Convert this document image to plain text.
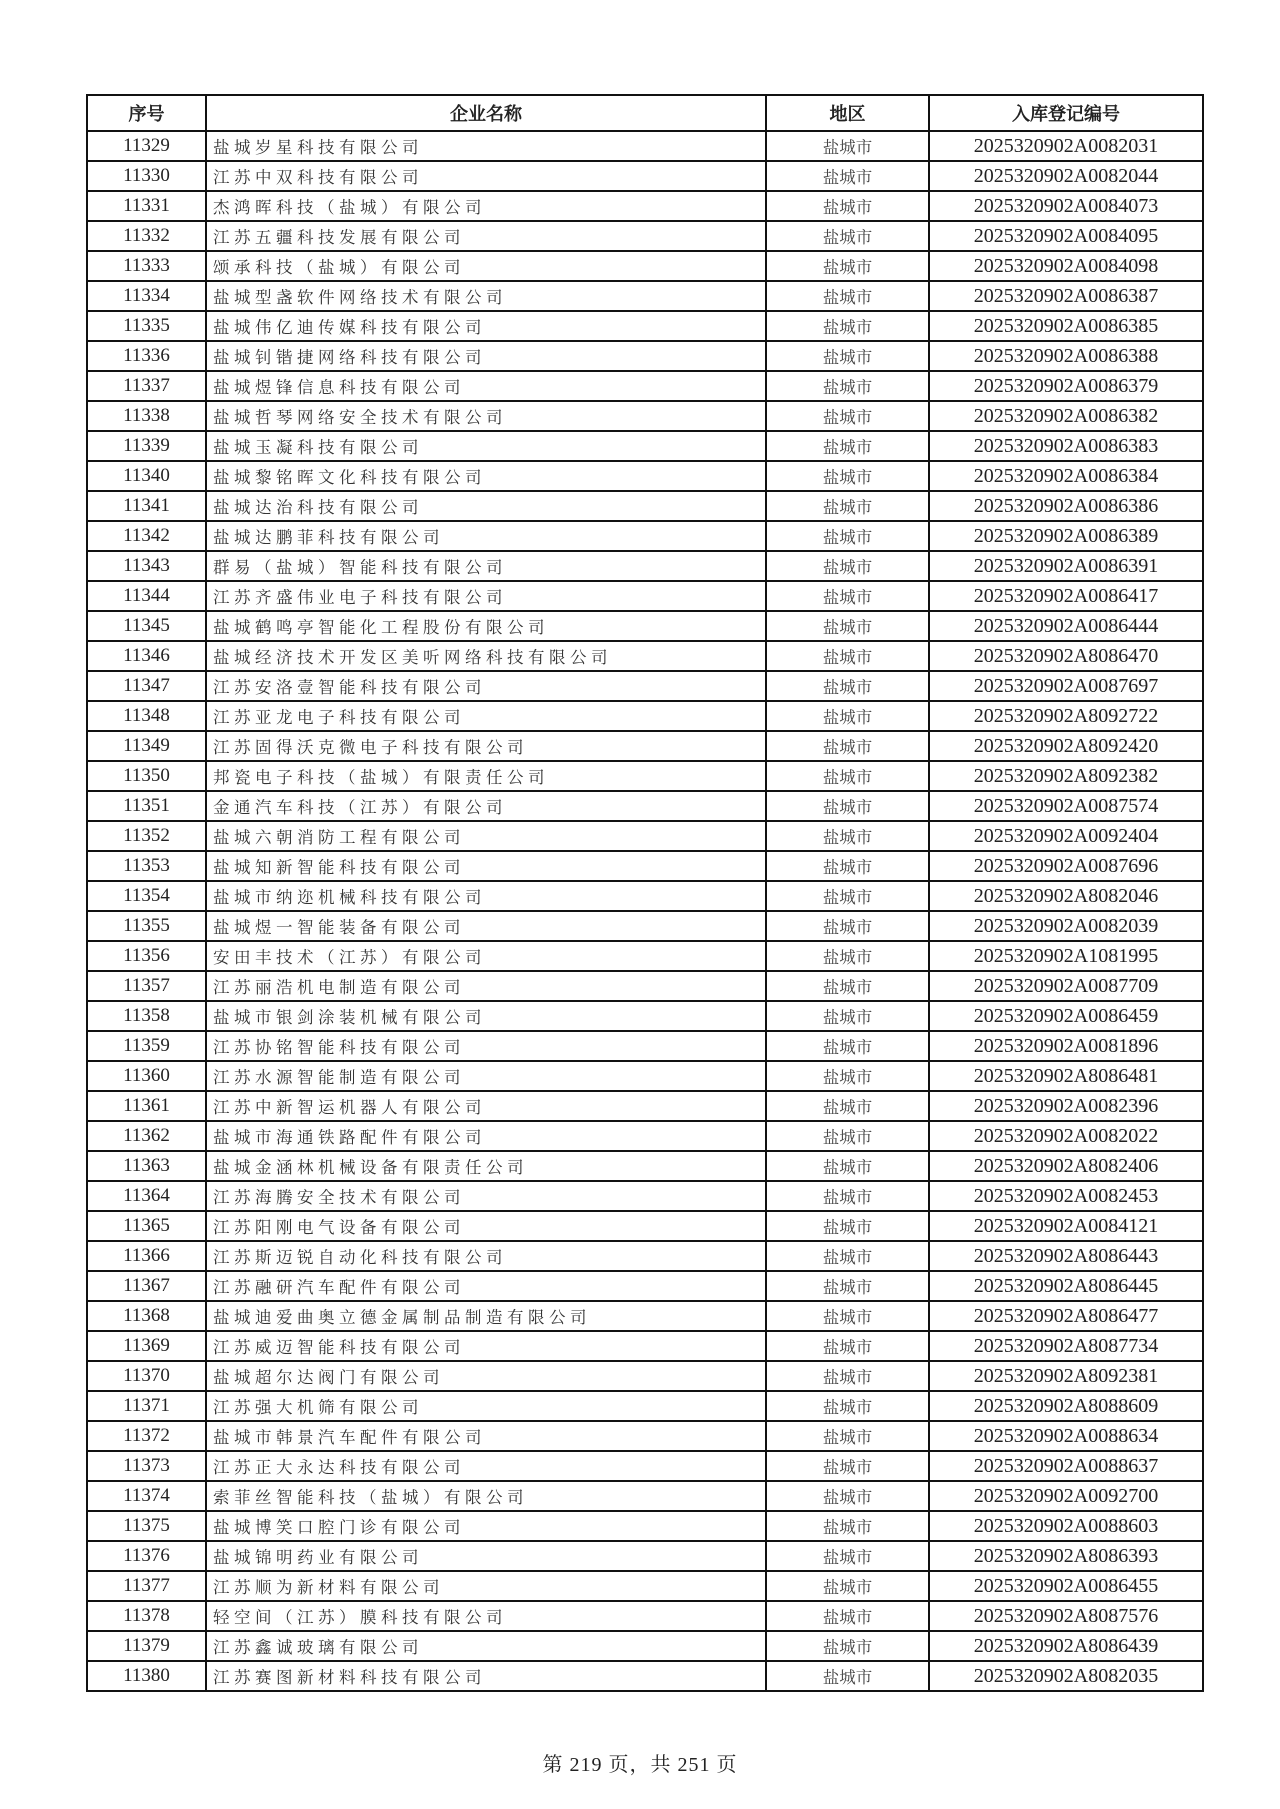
序号	企业名称	地区	入库登记编号
11329	盐城岁星科技有限公司	盐城市	2025320902A0082031
11330	江苏中双科技有限公司	盐城市	2025320902A0082044
11331	杰鸿晖科技（盐城）有限公司	盐城市	2025320902A0084073
11332	江苏五疆科技发展有限公司	盐城市	2025320902A0084095
11333	颂承科技（盐城）有限公司	盐城市	2025320902A0084098
11334	盐城型盏软件网络技术有限公司	盐城市	2025320902A0086387
11335	盐城伟亿迪传媒科技有限公司	盐城市	2025320902A0086385
11336	盐城钊锴捷网络科技有限公司	盐城市	2025320902A0086388
11337	盐城煜锋信息科技有限公司	盐城市	2025320902A0086379
11338	盐城哲琴网络安全技术有限公司	盐城市	2025320902A0086382
11339	盐城玉凝科技有限公司	盐城市	2025320902A0086383
11340	盐城黎铭晖文化科技有限公司	盐城市	2025320902A0086384
11341	盐城达治科技有限公司	盐城市	2025320902A0086386
11342	盐城达鹏菲科技有限公司	盐城市	2025320902A0086389
11343	群易（盐城）智能科技有限公司	盐城市	2025320902A0086391
11344	江苏齐盛伟业电子科技有限公司	盐城市	2025320902A0086417
11345	盐城鹤鸣亭智能化工程股份有限公司	盐城市	2025320902A0086444
11346	盐城经济技术开发区美听网络科技有限公司	盐城市	2025320902A8086470
11347	江苏安洛壹智能科技有限公司	盐城市	2025320902A0087697
11348	江苏亚龙电子科技有限公司	盐城市	2025320902A8092722
11349	江苏固得沃克微电子科技有限公司	盐城市	2025320902A8092420
11350	邦瓷电子科技（盐城）有限责任公司	盐城市	2025320902A8092382
11351	金通汽车科技（江苏）有限公司	盐城市	2025320902A0087574
11352	盐城六朝消防工程有限公司	盐城市	2025320902A0092404
11353	盐城知新智能科技有限公司	盐城市	2025320902A0087696
11354	盐城市纳迩机械科技有限公司	盐城市	2025320902A8082046
11355	盐城煜一智能装备有限公司	盐城市	2025320902A0082039
11356	安田丰技术（江苏）有限公司	盐城市	2025320902A1081995
11357	江苏丽浩机电制造有限公司	盐城市	2025320902A0087709
11358	盐城市银剑涂装机械有限公司	盐城市	2025320902A0086459
11359	江苏协铭智能科技有限公司	盐城市	2025320902A0081896
11360	江苏水源智能制造有限公司	盐城市	2025320902A8086481
11361	江苏中新智运机器人有限公司	盐城市	2025320902A0082396
11362	盐城市海通铁路配件有限公司	盐城市	2025320902A0082022
11363	盐城金涵林机械设备有限责任公司	盐城市	2025320902A8082406
11364	江苏海腾安全技术有限公司	盐城市	2025320902A0082453
11365	江苏阳刚电气设备有限公司	盐城市	2025320902A0084121
11366	江苏斯迈锐自动化科技有限公司	盐城市	2025320902A8086443
11367	江苏融研汽车配件有限公司	盐城市	2025320902A8086445
11368	盐城迪爱曲奥立德金属制品制造有限公司	盐城市	2025320902A8086477
11369	江苏威迈智能科技有限公司	盐城市	2025320902A8087734
11370	盐城超尔达阀门有限公司	盐城市	2025320902A8092381
11371	江苏强大机筛有限公司	盐城市	2025320902A8088609
11372	盐城市韩景汽车配件有限公司	盐城市	2025320902A0088634
11373	江苏正大永达科技有限公司	盐城市	2025320902A0088637
11374	索菲丝智能科技（盐城）有限公司	盐城市	2025320902A0092700
11375	盐城博笑口腔门诊有限公司	盐城市	2025320902A0088603
11376	盐城锦明药业有限公司	盐城市	2025320902A8086393
11377	江苏顺为新材料有限公司	盐城市	2025320902A0086455
11378	轻空间（江苏）膜科技有限公司	盐城市	2025320902A8087576
11379	江苏鑫诚玻璃有限公司	盐城市	2025320902A8086439
11380	江苏赛图新材料科技有限公司	盐城市	2025320902A8082035
第 219 页，共 251 页
